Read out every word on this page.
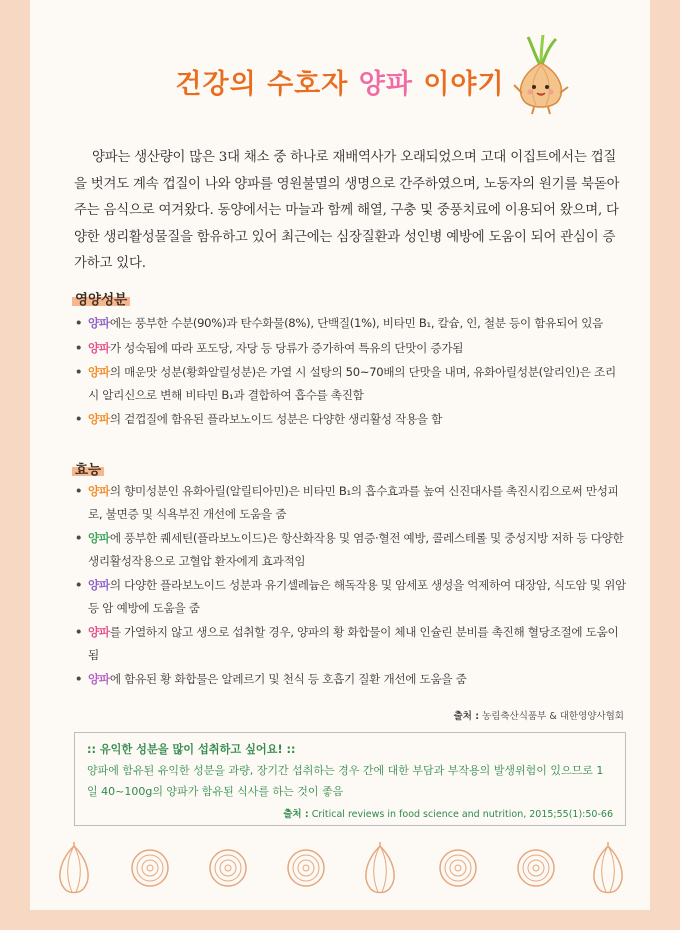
건강의 수호자 양파 이야기

양파는 생산량이 많은 3대 채소 중 하나로 재배역사가 오래되었으며 고대 이집트에서는 껍질을 벗겨도 계속 껍질이 나와 양파를 영원불멸의 생명으로 간주하였으며, 노동자의 원기를 북돋아 주는 음식으로 여겨왔다. 동양에서는 마늘과 함께 해열, 구충 및 중풍치료에 이용되어 왔으며, 다양한 생리활성물질을 함유하고 있어 최근에는 심장질환과 성인병 예방에 도움이 되어 관심이 증가하고 있다.

영양성분
• 양파에는 풍부한 수분(90%)과 탄수화물(8%), 단백질(1%), 비타민 B₁, 칼슘, 인, 철분 등이 함유되어 있음
• 양파가 성숙됨에 따라 포도당, 자당 등 당류가 증가하여 특유의 단맛이 증가됨
• 양파의 매운맛 성분(황화알릴성분)은 가열 시 설탕의 50~70배의 단맛을 내며, 유화아릴성분(알리인)은 조리 시 알리신으로 변해 비타민 B₁과 결합하여 흡수를 촉진함
• 양파의 겉껍질에 함유된 플라보노이드 성분은 다양한 생리활성 작용을 함
효능
• 양파의 향미성분인 유화아릴(알릴티아민)은 비타민 B₁의 흡수효과를 높여 신진대사를 촉진시킴으로써 만성피로, 불면증 및 식욕부진 개선에 도움을 줌
• 양파에 풍부한 퀘세틴(플라보노이드)은 항산화작용 및 염증·혈전 예방, 콜레스테롤 및 중성지방 저하 등 다양한 생리활성작용으로 고혈압 환자에게 효과적임
• 양파의 다양한 플라보노이드 성분과 유기셀레늄은 해독작용 및 암세포 생성을 억제하여 대장암, 식도암 및 위암 등 암 예방에 도움을 줌
• 양파를 가열하지 않고 생으로 섭취할 경우, 양파의 황 화합물이 체내 인슐린 분비를 촉진해 혈당조절에 도움이 됨
• 양파에 함유된 황 화합물은 알레르기 및 천식 등 호흡기 질환 개선에 도움을 줌
출처 : 농림축산식품부 & 대한영양사협회
:: 유익한 성분을 많이 섭취하고 싶어요! ::
양파에 함유된 유익한 성분을 과량, 장기간 섭취하는 경우 간에 대한 부담과 부작용의 발생위험이 있으므로 1일 40~100g의 양파가 함유된 식사를 하는 것이 좋음
출처 : Critical reviews in food science and nutrition, 2015;55(1):50-66
